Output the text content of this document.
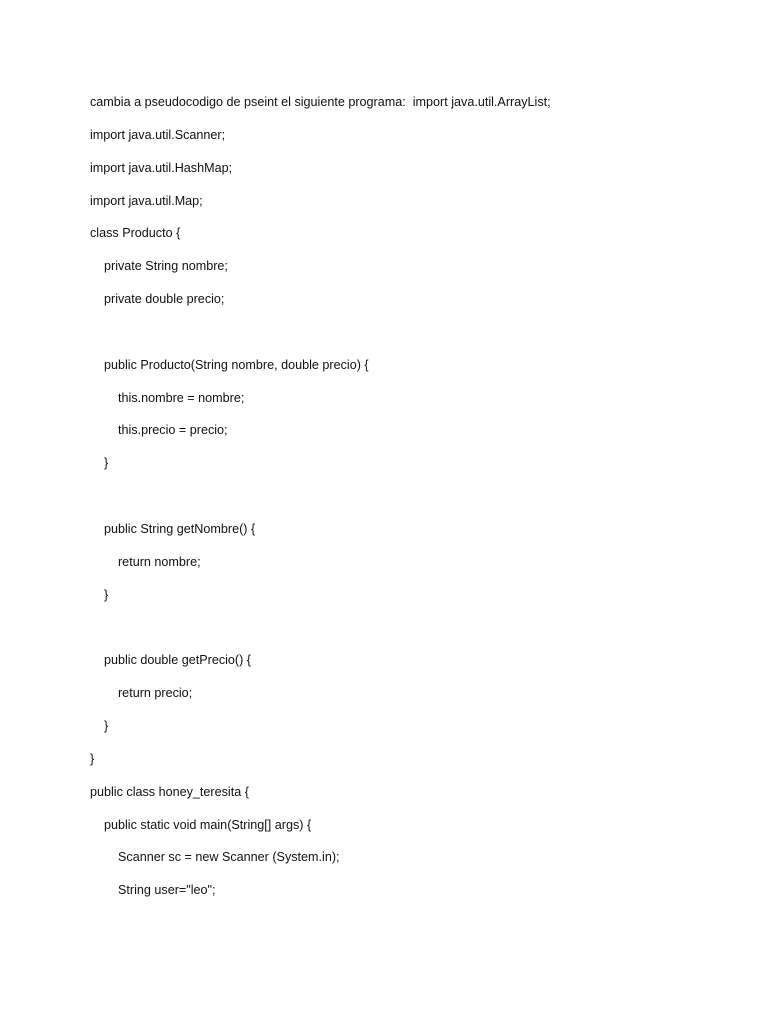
cambia a pseudocodigo de pseint el siguiente programa:  import java.util.ArrayList;
import java.util.Scanner;
import java.util.HashMap;
import java.util.Map;
class Producto {
private String nombre;
private double precio;
public Producto(String nombre, double precio) {
this.nombre = nombre;
this.precio = precio;
}
public String getNombre() {
return nombre;
}
public double getPrecio() {
return precio;
}
}
public class honey_teresita {
public static void main(String[] args) {
Scanner sc = new Scanner (System.in);
String user="leo";
